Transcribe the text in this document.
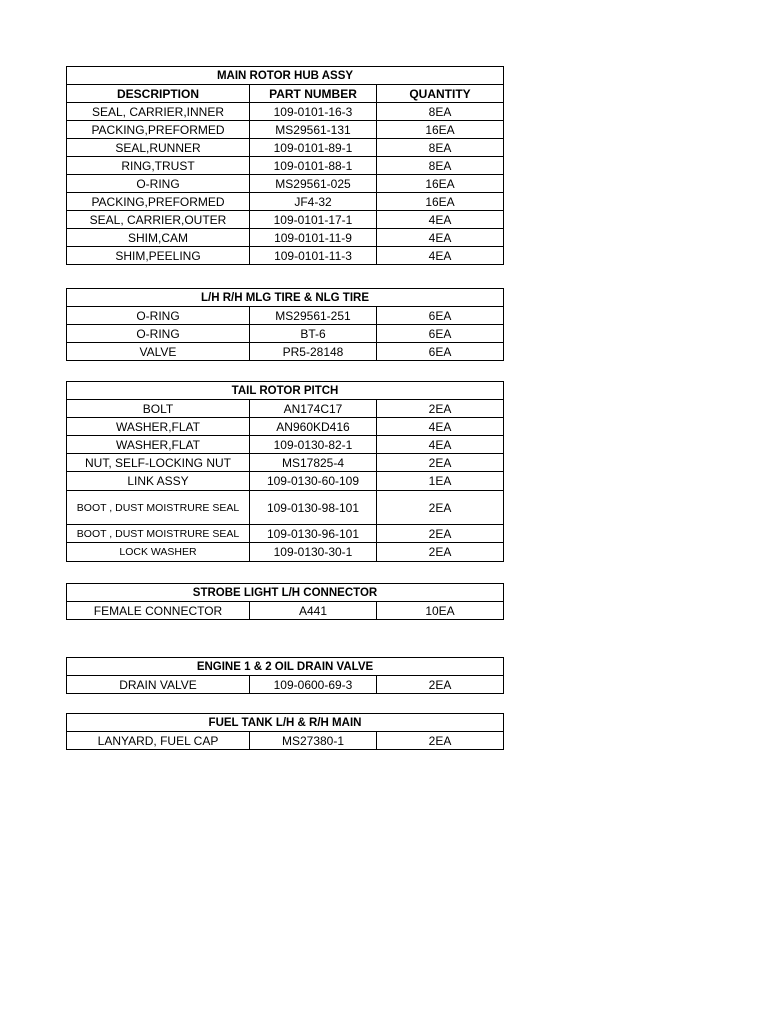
MAIN ROTOR HUB ASSY		
DESCRIPTION	PART NUMBER	QUANTITY
SEAL, CARRIER,INNER	109-0101-16-3	8EA
PACKING,PREFORMED	MS29561-131	16EA
SEAL,RUNNER	109-0101-89-1	8EA
RING,TRUST	109-0101-88-1	8EA
O-RING	MS29561-025	16EA
PACKING,PREFORMED	JF4-32	16EA
SEAL, CARRIER,OUTER	109-0101-17-1	4EA
SHIM,CAM	109-0101-11-9	4EA
SHIM,PEELING	109-0101-11-3	4EA
L/H R/H MLG TIRE & NLG TIRE		
O-RING	MS29561-251	6EA
O-RING	BT-6	6EA
VALVE	PR5-28148	6EA
TAIL ROTOR PITCH		
BOLT	AN174C17	2EA
WASHER,FLAT	AN960KD416	4EA
WASHER,FLAT	109-0130-82-1	4EA
NUT, SELF-LOCKING NUT	MS17825-4	2EA
LINK ASSY	109-0130-60-109	1EA
BOOT , DUST MOISTRURE SEAL	109-0130-98-101	2EA
BOOT , DUST MOISTRURE SEAL	109-0130-96-101	2EA
LOCK WASHER	109-0130-30-1	2EA
STROBE LIGHT L/H CONNECTOR
FEMALE CONNECTOR	A441	10EA
ENGINE 1 & 2 OIL DRAIN VALVE
DRAIN VALVE	109-0600-69-3	2EA
FUEL TANK L/H & R/H MAIN
LANYARD, FUEL CAP	MS27380-1	2EA
